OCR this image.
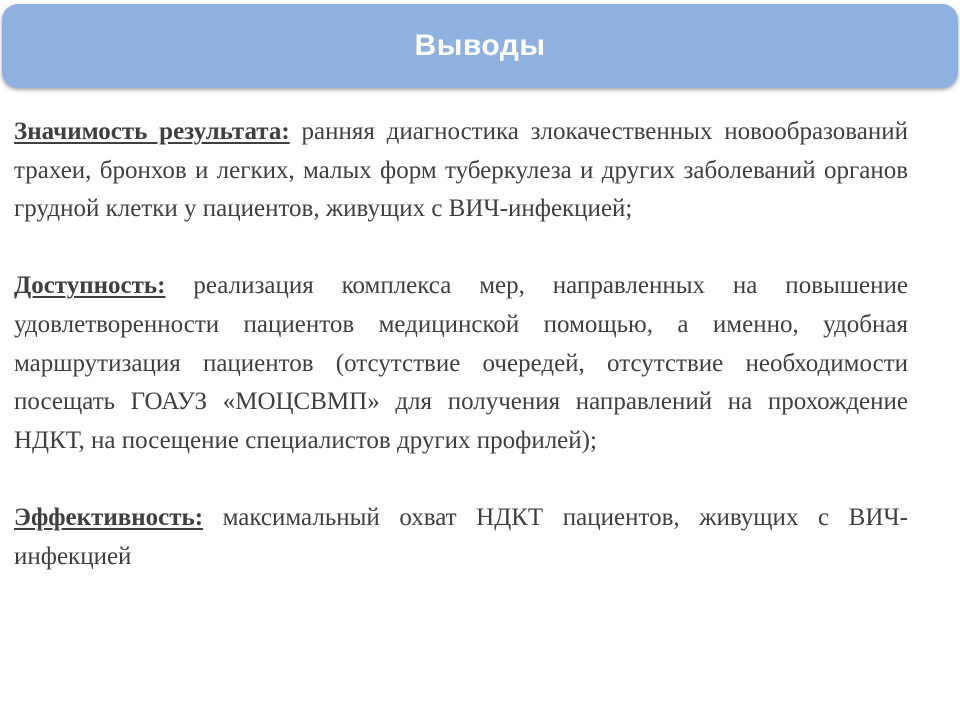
Выводы

Значимость результата: ранняя диагностика злокачественных новообразований трахеи, бронхов и легких, малых форм туберкулеза и других заболеваний органов грудной клетки у пациентов, живущих с ВИЧ-инфекцией;

Доступность: реализация комплекса мер, направленных на повышение удовлетворенности пациентов медицинской помощью, а именно, удобная маршрутизация пациентов (отсутствие очередей, отсутствие необходимости посещать ГОАУЗ «МОЦСВМП» для получения направлений на прохождение НДКТ, на посещение специалистов других профилей);

Эффективность: максимальный охват НДКТ пациентов, живущих с ВИЧ-инфекцией
